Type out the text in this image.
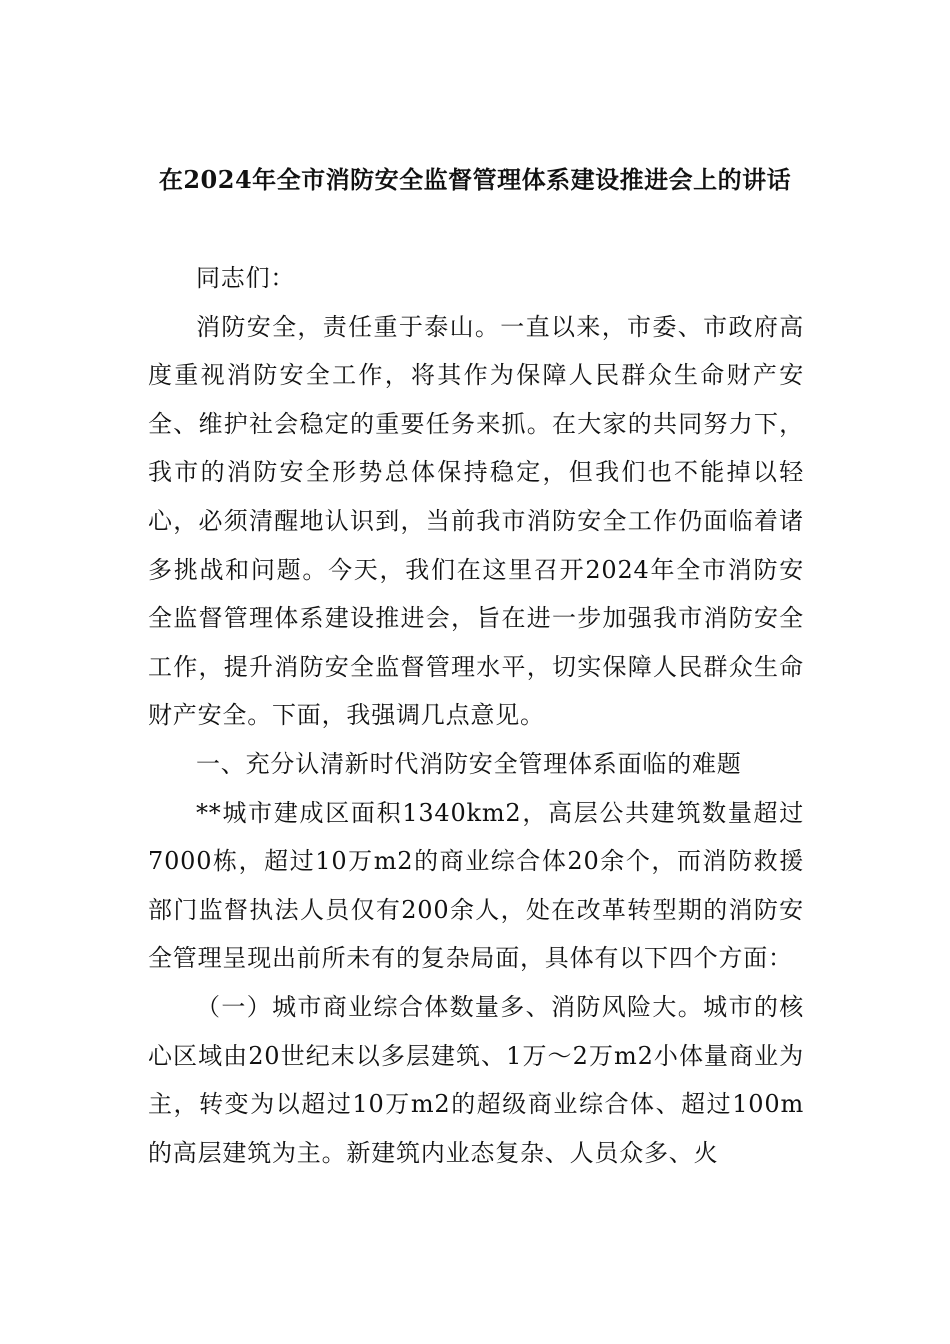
在2024年全市消防安全监督管理体系建设推进会上的讲话

同志们：

消防安全，责任重于泰山。一直以来，市委、市政府高度重视消防安全工作，将其作为保障人民群众生命财产安全、维护社会稳定的重要任务来抓。在大家的共同努力下，我市的消防安全形势总体保持稳定，但我们也不能掉以轻心，必须清醒地认识到，当前我市消防安全工作仍面临着诸多挑战和问题。今天，我们在这里召开2024年全市消防安全监督管理体系建设推进会，旨在进一步加强我市消防安全工作，提升消防安全监督管理水平，切实保障人民群众生命财产安全。下面，我强调几点意见。

一、充分认清新时代消防安全管理体系面临的难题

**城市建成区面积1340km2，高层公共建筑数量超过7000栋，超过10万m2的商业综合体20余个，而消防救援部门监督执法人员仅有200余人，处在改革转型期的消防安全管理呈现出前所未有的复杂局面，具体有以下四个方面：

（一）城市商业综合体数量多、消防风险大。城市的核心区域由20世纪末以多层建筑、1万～2万m2小体量商业为主，转变为以超过10万m2的超级商业综合体、超过100m的高层建筑为主。新建筑内业态复杂、人员众多、火
